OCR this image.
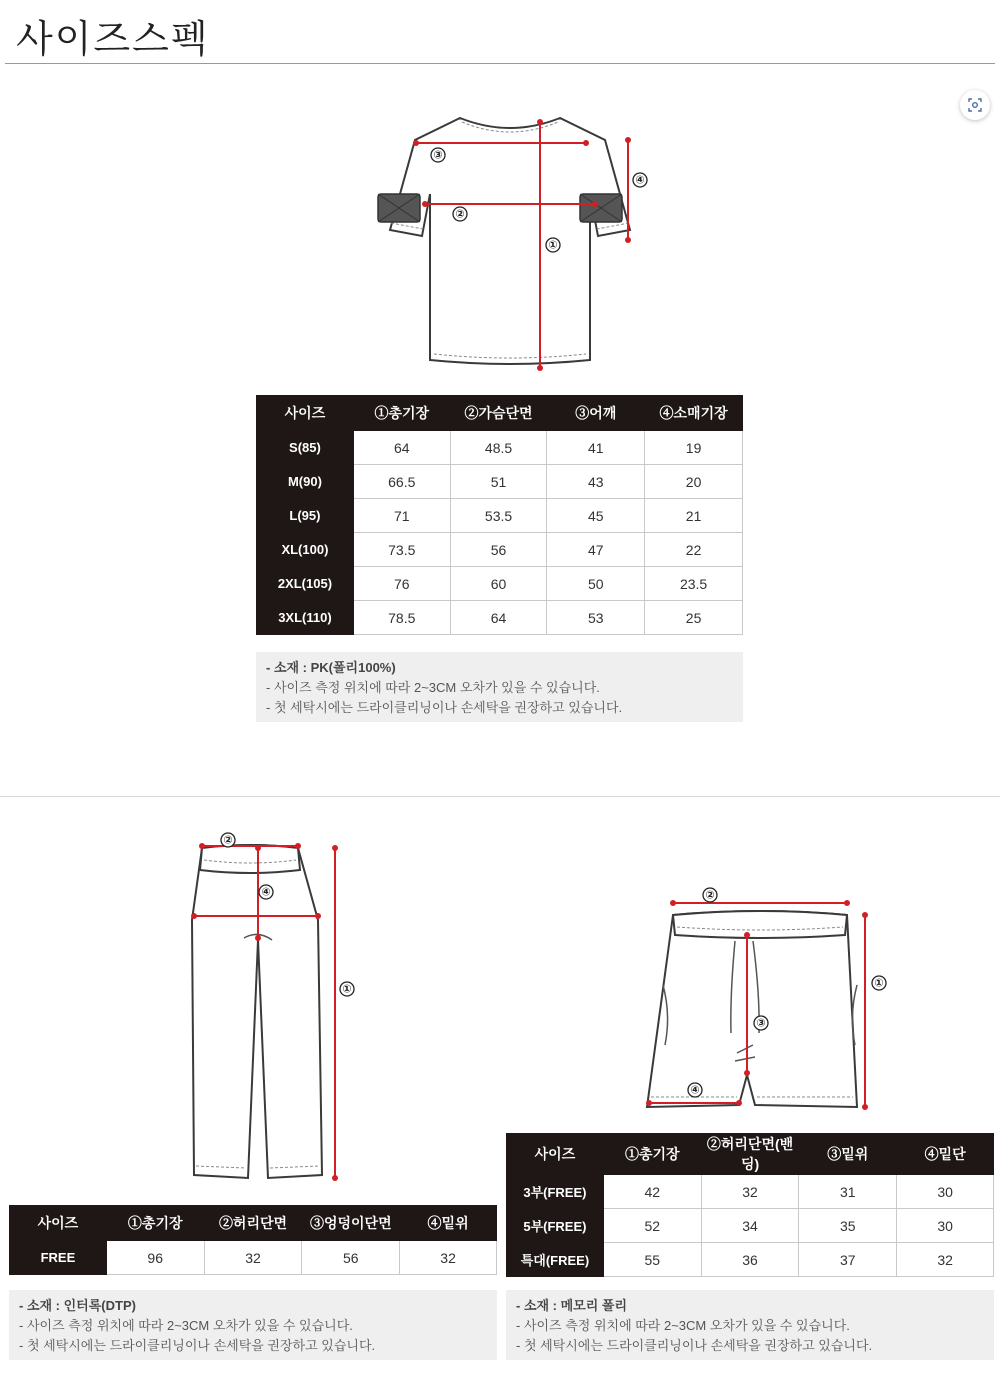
사이즈스펙
③
②
①
④
사이즈	①총기장	②가슴단면	③어깨	④소매기장
S(85)	64	48.5	41	19
M(90)	66.5	51	43	20
L(95)	71	53.5	45	21
XL(100)	73.5	56	47	22
2XL(105)	76	60	50	23.5
3XL(110)	78.5	64	53	25
- 소재 : PK(폴리100%)
- 사이즈 측정 위치에 따라 2~3CM 오차가 있을 수 있습니다.
- 첫 세탁시에는 드라이클리닝이나 손세탁을 권장하고 있습니다.
②
④
①
②
③
④
①
사이즈	①총기장	②허리단면	③엉덩이단면	④밑위
FREE	96	32	56	32
사이즈	①총기장	②허리단면(밴딩)	③밑위	④밑단
3부(FREE)	42	32	31	30
5부(FREE)	52	34	35	30
특대(FREE)	55	36	37	32
- 소재 : 인터록(DTP)
- 사이즈 측정 위치에 따라 2~3CM 오차가 있을 수 있습니다.
- 첫 세탁시에는 드라이클리닝이나 손세탁을 권장하고 있습니다.
- 소재 : 메모리 폴리
- 사이즈 측정 위치에 따라 2~3CM 오차가 있을 수 있습니다.
- 첫 세탁시에는 드라이클리닝이나 손세탁을 권장하고 있습니다.
